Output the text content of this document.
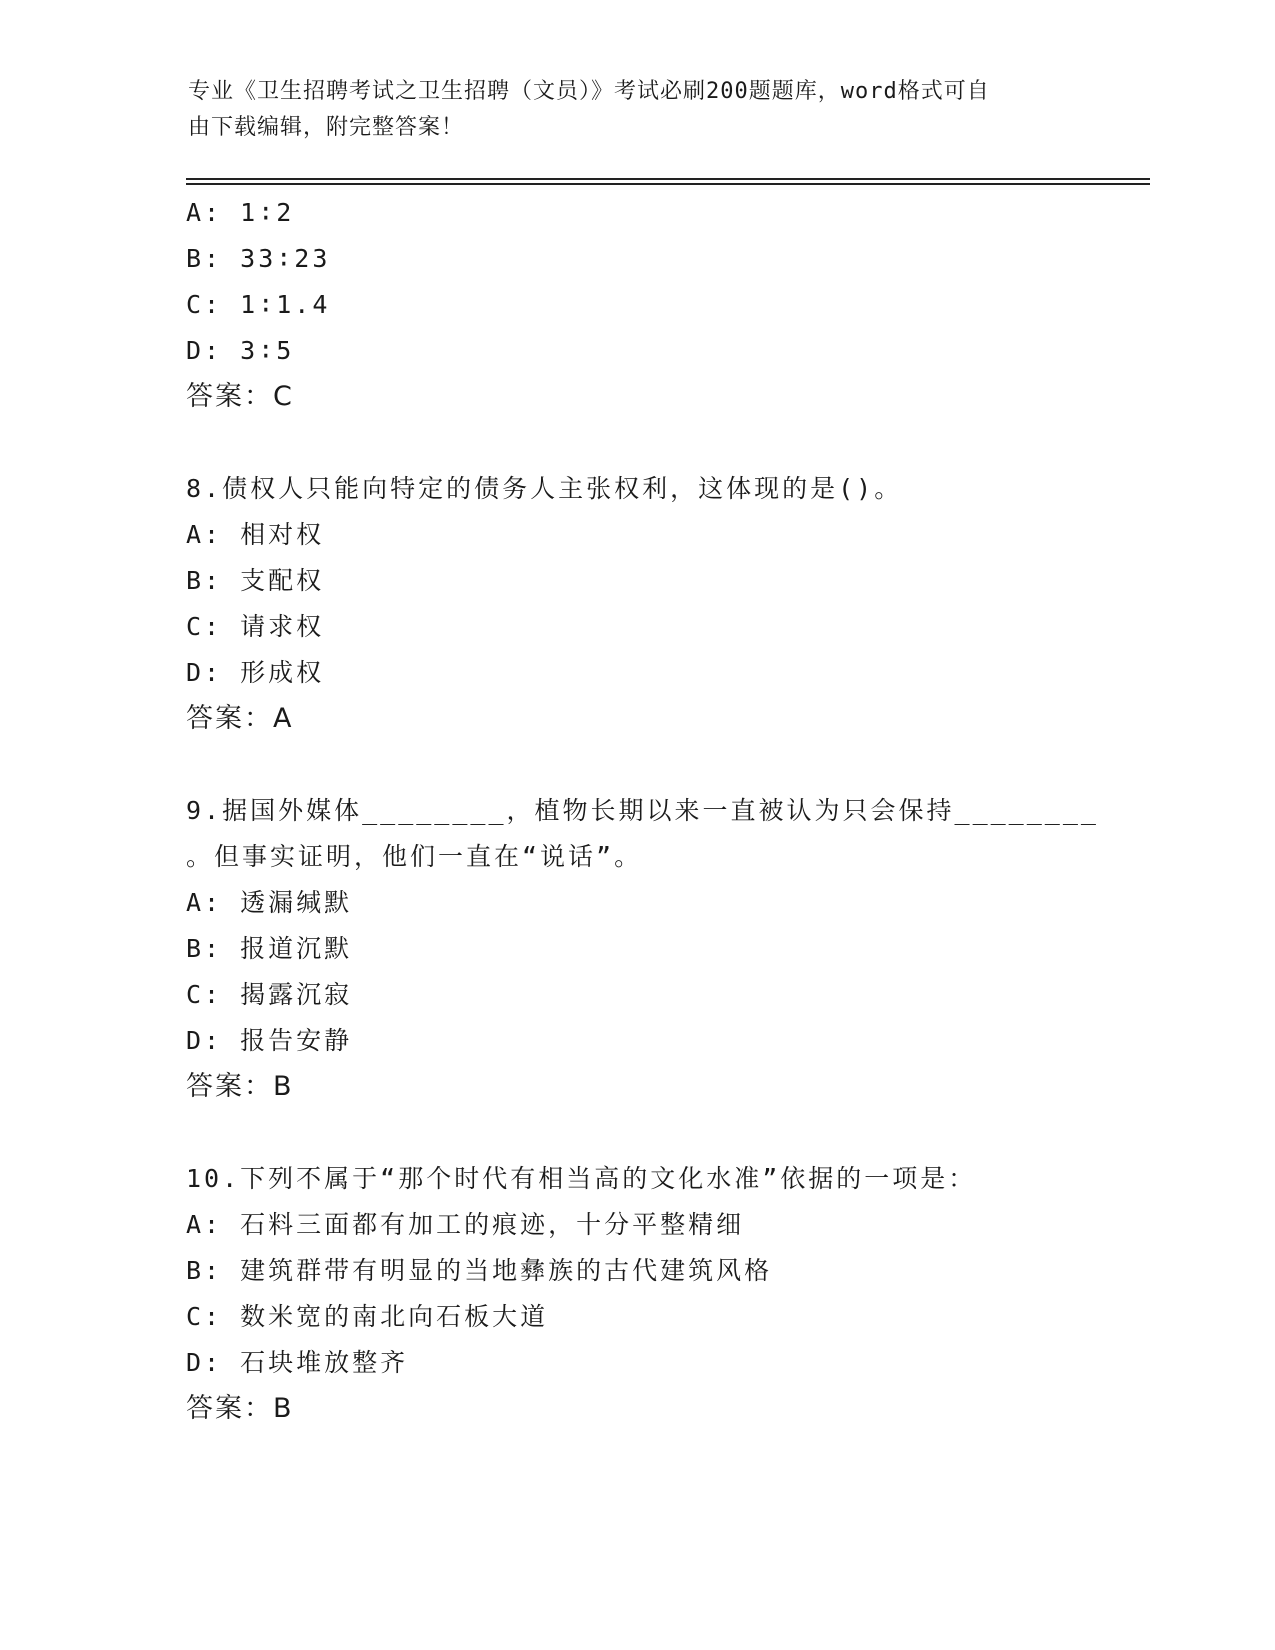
专业《卫生招聘考试之卫生招聘（文员）》考试必刷200题题库，word格式可自
由下载编辑，附完整答案！
A: 1∶2
B: 33∶23
C: 1∶1.4
D: 3∶5
答案：C
8.债权人只能向特定的债务人主张权利，这体现的是()。
A: 相对权
B: 支配权
C: 请求权
D: 形成权
答案：A
9.据国外媒体________，植物长期以来一直被认为只会保持________
。但事实证明，他们一直在“说话”。
A: 透漏缄默
B: 报道沉默
C: 揭露沉寂
D: 报告安静
答案：B
10.下列不属于“那个时代有相当高的文化水准”依据的一项是：
A: 石料三面都有加工的痕迹，十分平整精细
B: 建筑群带有明显的当地彝族的古代建筑风格
C: 数米宽的南北向石板大道
D: 石块堆放整齐
答案：B
